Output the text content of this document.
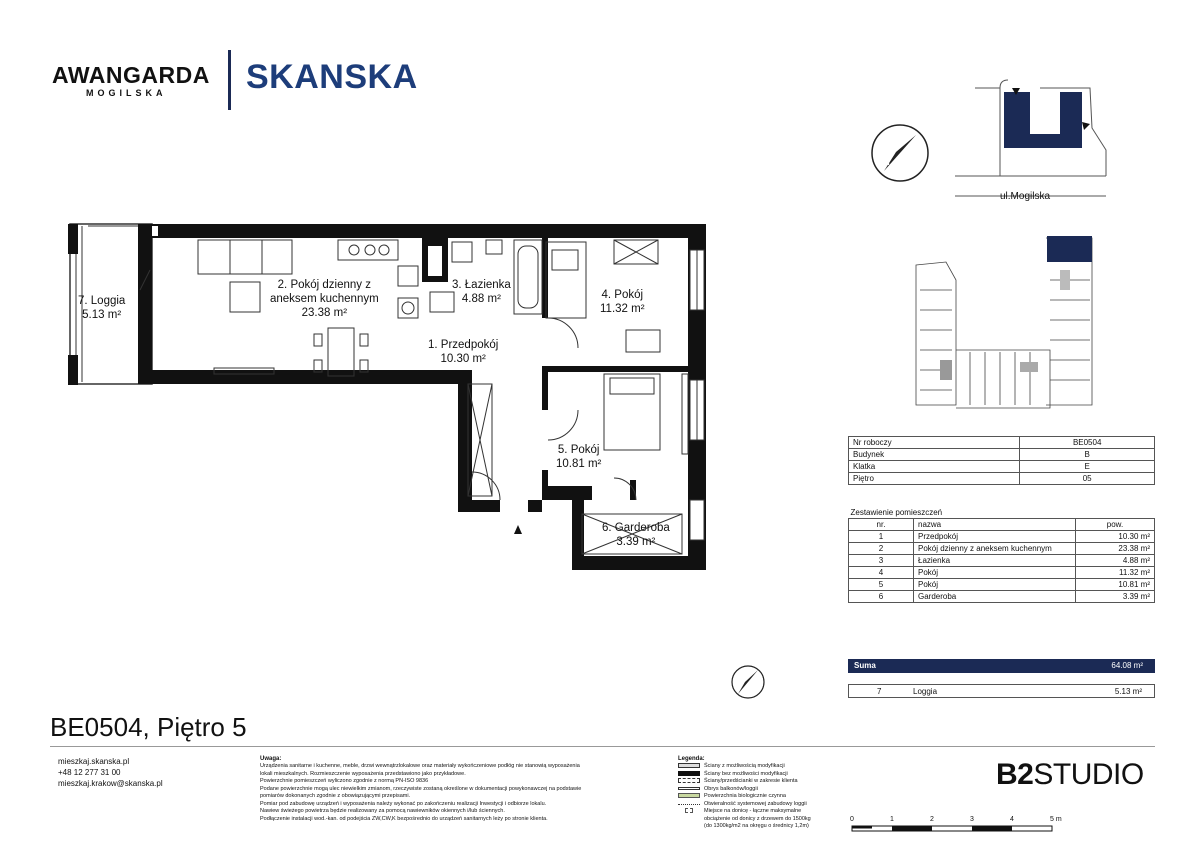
AWANGARDA
MOGILSKA SKANSKA
N
7. Loggia
5.13 m²
2. Pokój dzienny z
aneksem kuchennym
23.38 m²
3. Łazienka
4.88 m²	4. Pokój
11.32 m²
1. Przedpokój
10.30 m²
5. Pokój
10.81 m²
6. Garderoba
3.39 m²
ul.Mogilska
Nr roboczy	BE0504
Budynek	B
Klatka	E
Piętro	05
Zestawienie pomieszczeń		
nr.	nazwa	pow.
1	Przedpokój	10.30 m²
2	Pokój dzienny z aneksem kuchennym	23.38 m²
3	Łazienka	4.88 m²
4	Pokój	11.32 m²
5	Pokój	10.81 m²
6	Garderoba	3.39 m²
Suma	64.08 m²
7	Loggia	5.13 m²
BE0504, Piętro 5
mieszkaj.skanska.pl
+48 12 277 31 00
mieszkaj.krakow@skanska.pl
Uwaga:
Urządzenia sanitarne i kuchenne, meble, drzwi wewnątrzlokalowe oraz materiały wykończeniowe podłóg nie stanowią wyposażenia
lokali mieszkalnych. Rozmieszczenie wyposażenia przedstawiono jako przykładowe.
Powierzchnie pomieszczeń wyliczono zgodnie z normą PN-ISO 9836
Podane powierzchnie mogą ulec niewielkim zmianom, rzeczywiste zostaną określone w dokumentacji powykonawczej na podstawie
pomiarów dokonanych zgodnie z obowiązującymi przepisami.
Pomiar pod zabudowę urządzeń i wyposażenia należy wykonać po zakończeniu realizacji Inwestycji i odbiorze lokalu.
Nawiew świeżego powietrza będzie realizowany za pomocą nawiewników okiennych i/lub ściennych.
Podłączenie instalacji wod.-kan. od podejścia ZW,CW,K bezpośrednio do urządzeń sanitarnych leży po stronie klienta.
Legenda:
Ściany z możliwością modyfikacji
Ściany bez możliwości modyfikacji
Ściany/przedścianki w zakresie klienta
Obrys balkonów/loggii
Powierzchnia biologicznie czynna
Otwieralność systemowej zabudowy loggii
Miejsce na donicę - łączne maksymalne
obciążenie od donicy z drzewem do 1500kg
(do 1300kg/m2 na okręgu o średnicy 1,2m)
B2STUDIO
0	1	2	3	4	5 m
